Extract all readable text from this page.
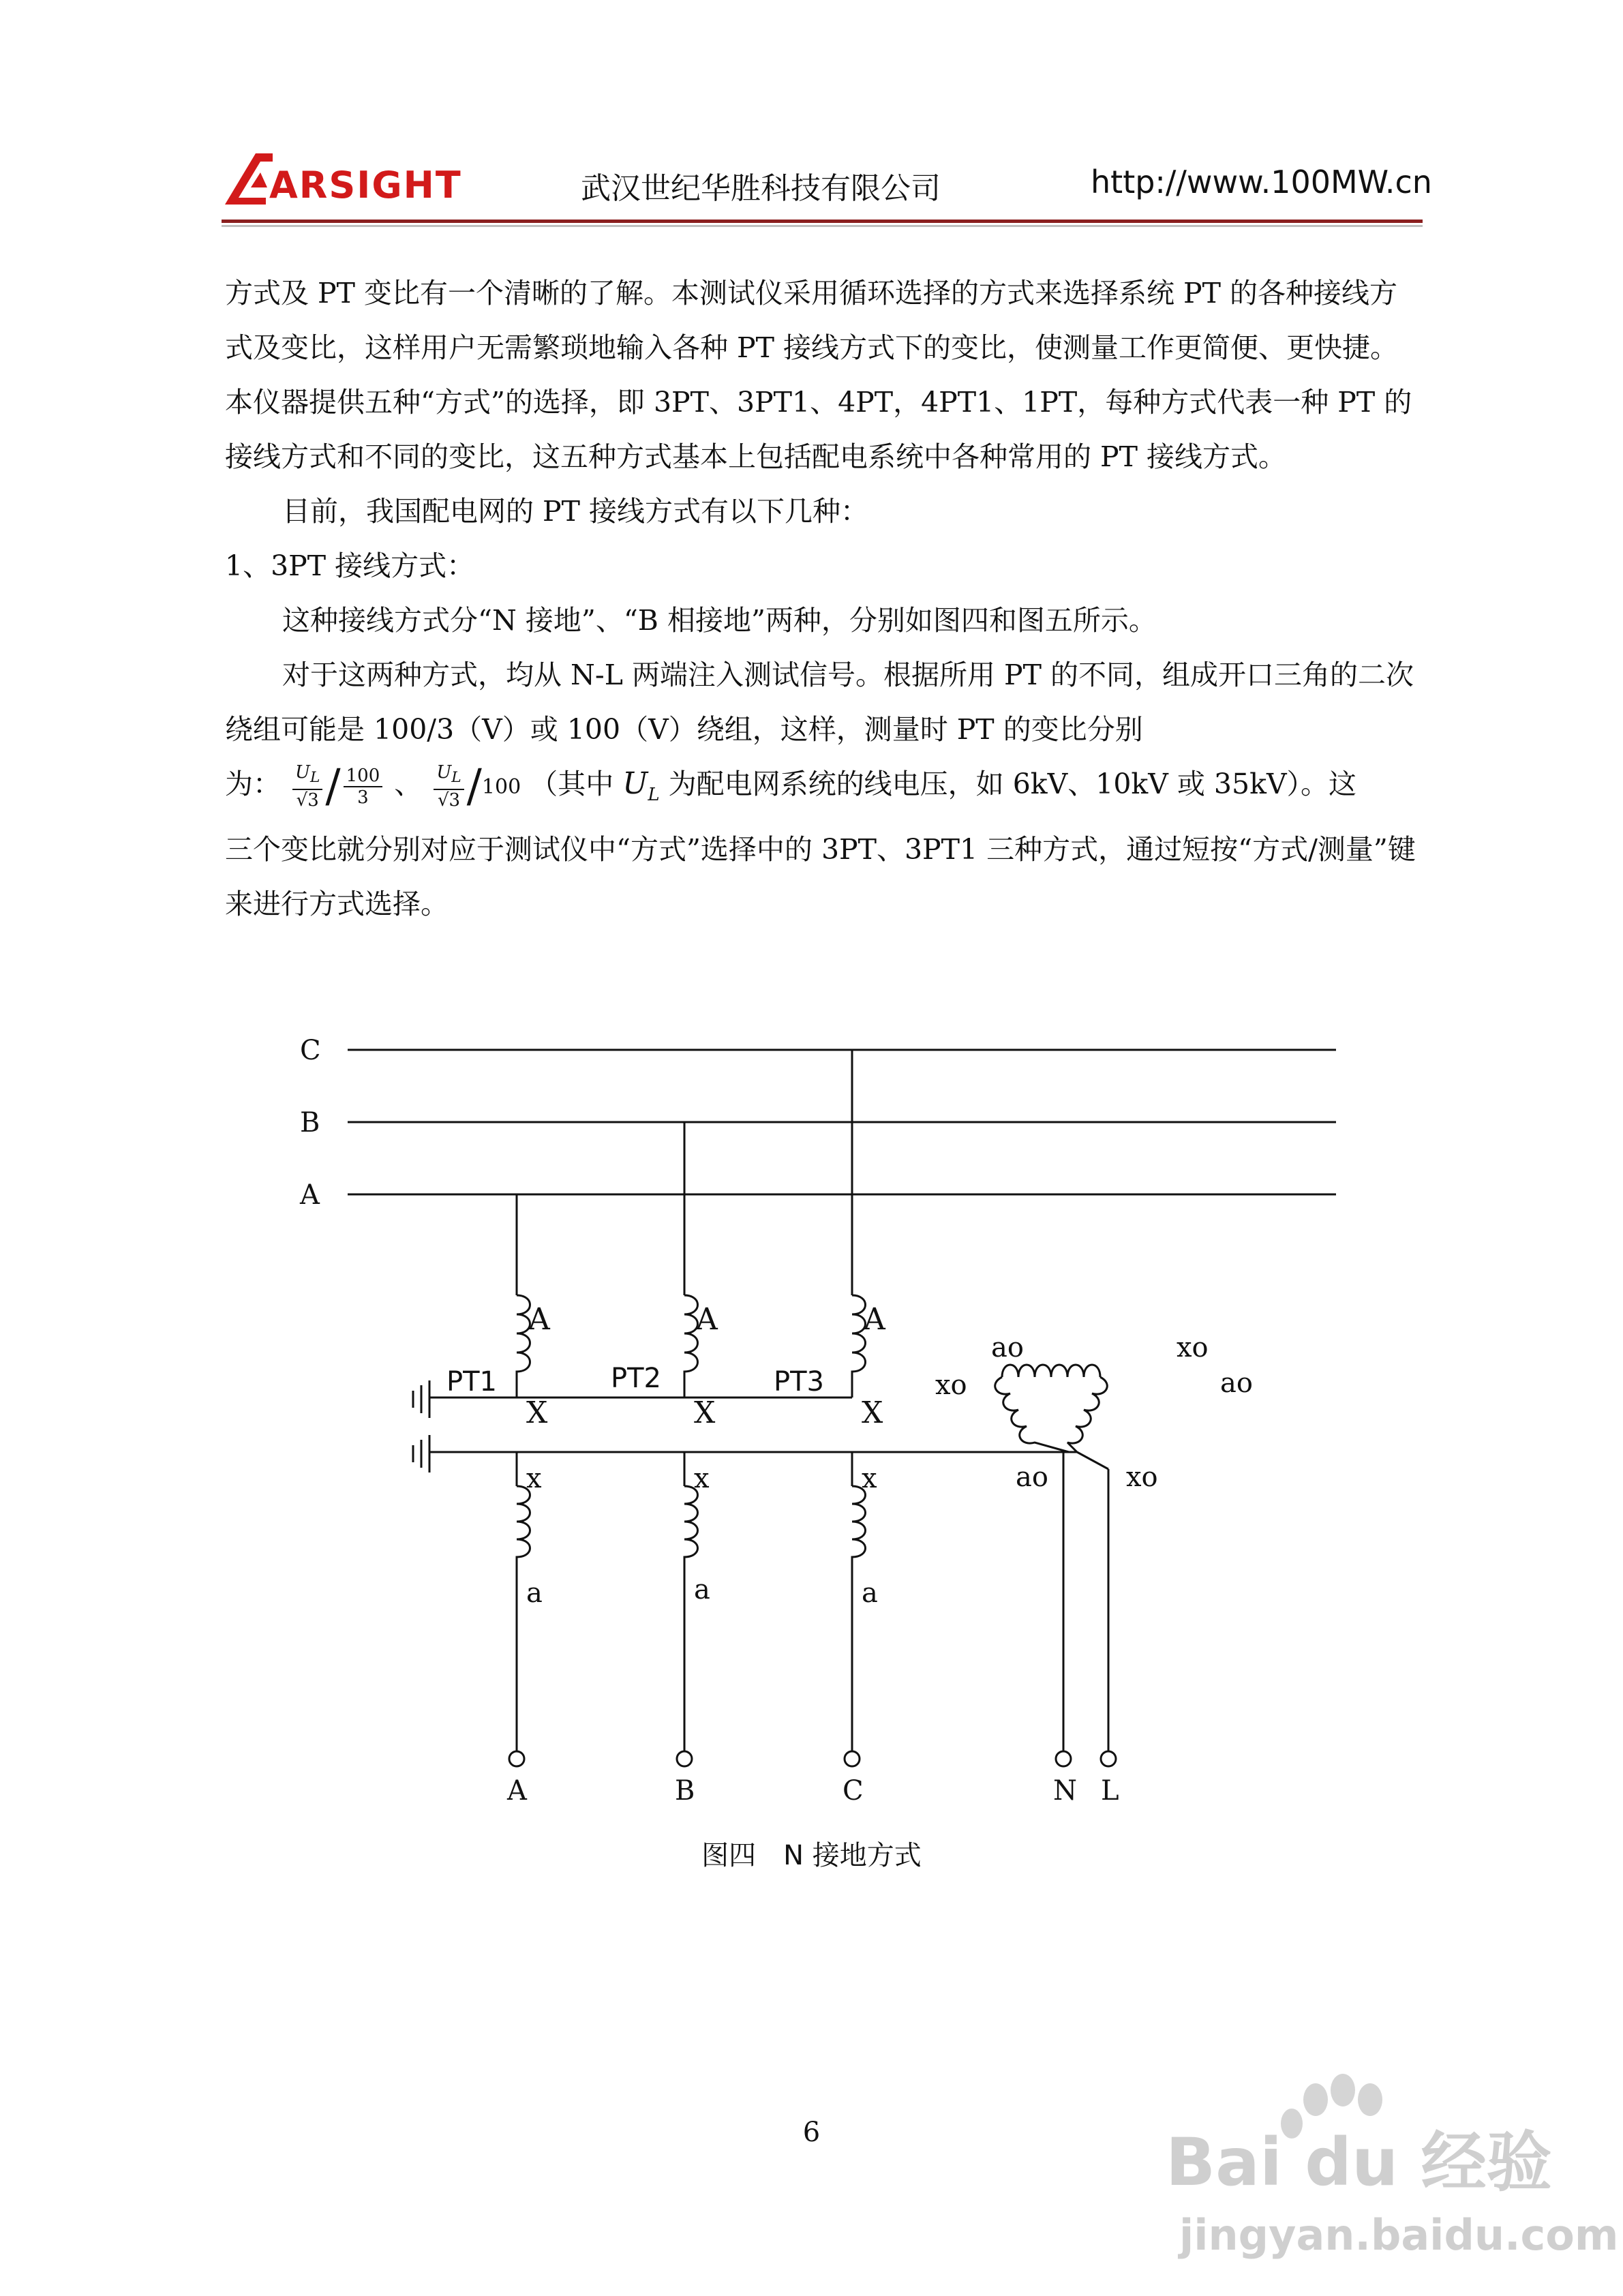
ARSIGHT	武汉世纪华胜科技有限公司	http://www.100MW.cn

方式及 PT 变比有一个清晰的了解。本测试仪采用循环选择的方式来选择系统 PT 的各种接线方式及变比，这样用户无需繁琐地输入各种 PT 接线方式下的变比，使测量工作更简便、更快捷。本仪器提供五种“方式”的选择，即 3PT、3PT1、4PT，4PT1、1PT，每种方式代表一种 PT 的接线方式和不同的变比，这五种方式基本上包括配电系统中各种常用的 PT 接线方式。

目前，我国配电网的 PT 接线方式有以下几种：

1、3PT 接线方式：

这种接线方式分“N 接地”、“B 相接地”两种，分别如图四和图五所示。

对于这两种方式，均从 N-L 两端注入测试信号。根据所用 PT 的不同，组成开口三角的二次绕组可能是 100/3（V）或 100（V）绕组，这样，测量时 PT 的变比分别

为： $\frac{U_L}{√3} / \frac{100}{3}$ 、 $\frac{U_L}{√3} /100$ （其中 $U_L$ 为配电网系统的线电压，如 6kV、10kV 或 35kV）。这

三个变比就分别对应于测试仪中“方式”选择中的 3PT、3PT1 三种方式，通过短按“方式/测量”键来进行方式选择。

C
B
A
A	A	A
PT1	PT2	PT3
X	X	X
x	x	x
a	a	a
ao	xo
xo	ao
ao	xo
A	B	C	N L
图四　N 接地方式
6	Bai du 经验
jingyan.baidu.com
